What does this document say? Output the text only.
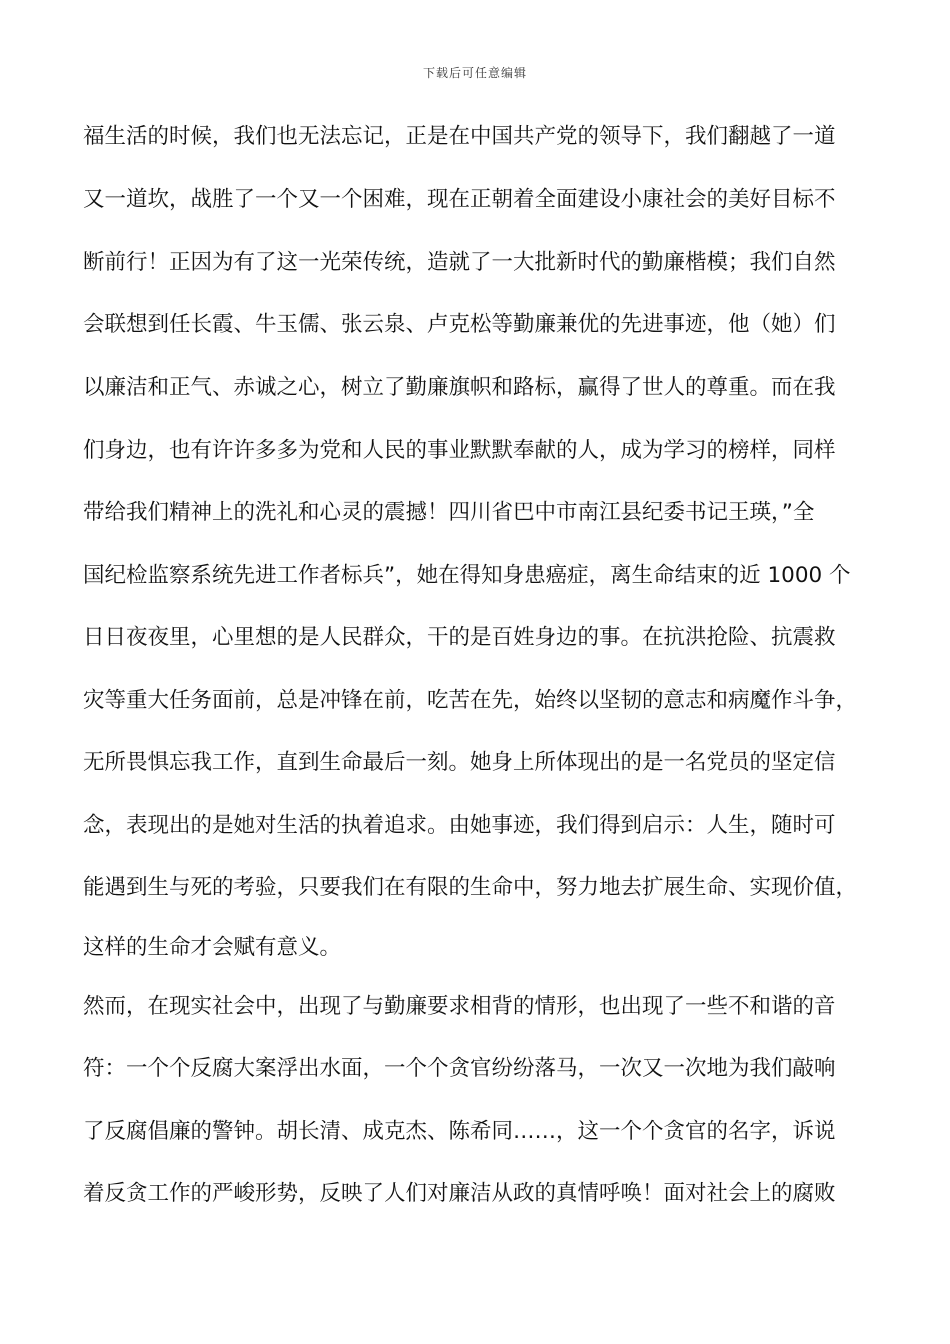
下载后可任意编辑
福生活的时候，我们也无法忘记，正是在中国共产党的领导下，我们翻越了一道
又一道坎，战胜了一个又一个困难，现在正朝着全面建设小康社会的美好目标不
断前行！正因为有了这一光荣传统，造就了一大批新时代的勤廉楷模；我们自然
会联想到任长霞、牛玉儒、张云泉、卢克松等勤廉兼优的先进事迹，他（她）们
以廉洁和正气、赤诚之心，树立了勤廉旗帜和路标，赢得了世人的尊重。而在我
们身边，也有许许多多为党和人民的事业默默奉献的人，成为学习的榜样，同样
带给我们精神上的洗礼和心灵的震撼！四川省巴中市南江县纪委书记王瑛，”全
国纪检监察系统先进工作者标兵”，她在得知身患癌症，离生命结束的近 1000 个
日日夜夜里，心里想的是人民群众，干的是百姓身边的事。在抗洪抢险、抗震救
灾等重大任务面前，总是冲锋在前，吃苦在先，始终以坚韧的意志和病魔作斗争，
无所畏惧忘我工作，直到生命最后一刻。她身上所体现出的是一名党员的坚定信
念，表现出的是她对生活的执着追求。由她事迹，我们得到启示：人生，随时可
能遇到生与死的考验，只要我们在有限的生命中，努力地去扩展生命、实现价值，
这样的生命才会赋有意义。
然而，在现实社会中，出现了与勤廉要求相背的情形，也出现了一些不和谐的音
符：一个个反腐大案浮出水面，一个个贪官纷纷落马，一次又一次地为我们敲响
了反腐倡廉的警钟。胡长清、成克杰、陈希同……，这一个个贪官的名字，诉说
着反贪工作的严峻形势，反映了人们对廉洁从政的真情呼唤！面对社会上的腐败
